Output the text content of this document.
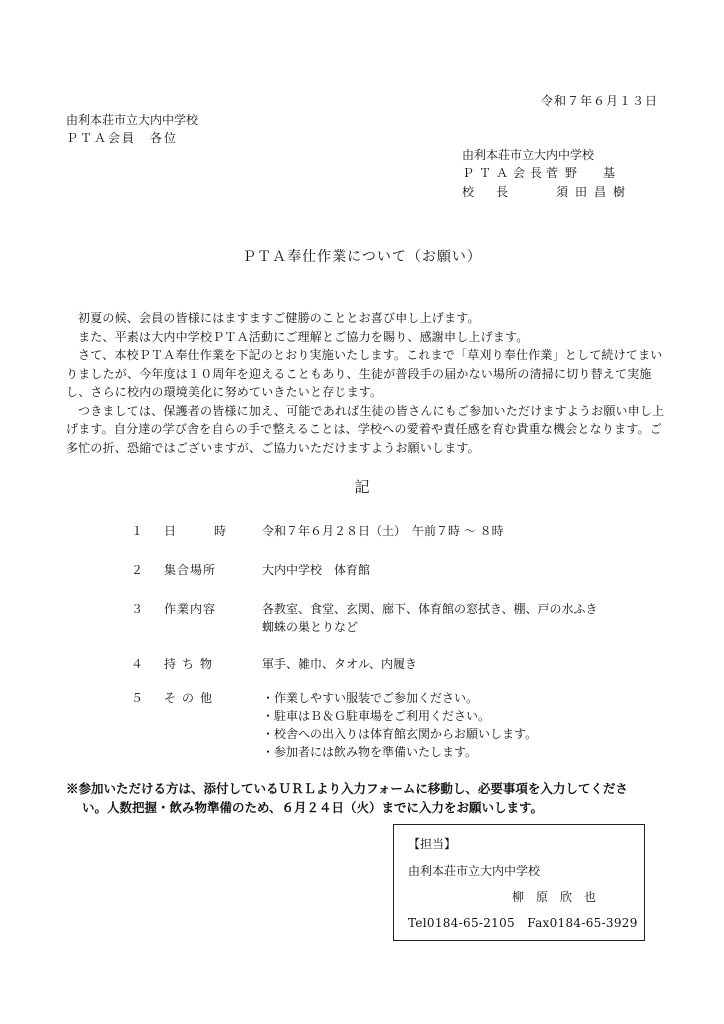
令和７年６月１３日
由利本荘市立大内中学校
ＰＴＡ会員　各位
由利本荘市立大内中学校
ＰＴＡ会長菅野　基
校　長	須田昌樹
ＰＴＡ奉仕作業について（お願い）

初夏の候、会員の皆様にはますますご健勝のこととお喜び申し上げます。

また、平素は大内中学校ＰＴＡ活動にご理解とご協力を賜り、感謝申し上げます。

さて、本校ＰＴＡ奉仕作業を下記のとおり実施いたします。これまで「草刈り奉仕作業」として続けてまいりましたが、今年度は１０周年を迎えることもあり、生徒が普段手の届かない場所の清掃に切り替えて実施し、さらに校内の環境美化に努めていきたいと存じます。

つきましては、保護者の皆様に加え、可能であれば生徒の皆さんにもご参加いただけますようお願い申し上げます。自分達の学び舎を自らの手で整えることは、学校への愛着や責任感を育む貴重な機会となります。ご多忙の折、恐縮ではございますが、ご協力いただけますようお願いします。

記
１ 日　時 令和７年６月２８日（土）　午前７時 ～ ８時
２ 集合場所	大内中学校　体育館
３ 作業内容	各教室、食堂、玄関、廊下、体育館の窓拭き、棚、戸の水ふき
蜘蛛の巣とりなど
４ 持ち物	軍手、雑巾、タオル、内履き
５ その他	・作業しやすい服装でご参加ください。
・駐車はＢ＆Ｇ駐車場をご利用ください。
・校舎への出入りは体育館玄関からお願いします。
・参加者には飲み物を準備いたします。
※参加いただける方は、添付しているＵＲＬより入力フォームに移動し、必要事項を入力してくださ
い。人数把握・飲み物準備のため、６月２４日（火）までに入力をお願いします。
【担当】
由利本荘市立大内中学校
柳原欣也
Tel0184-65-2105　Fax0184-65-3929
